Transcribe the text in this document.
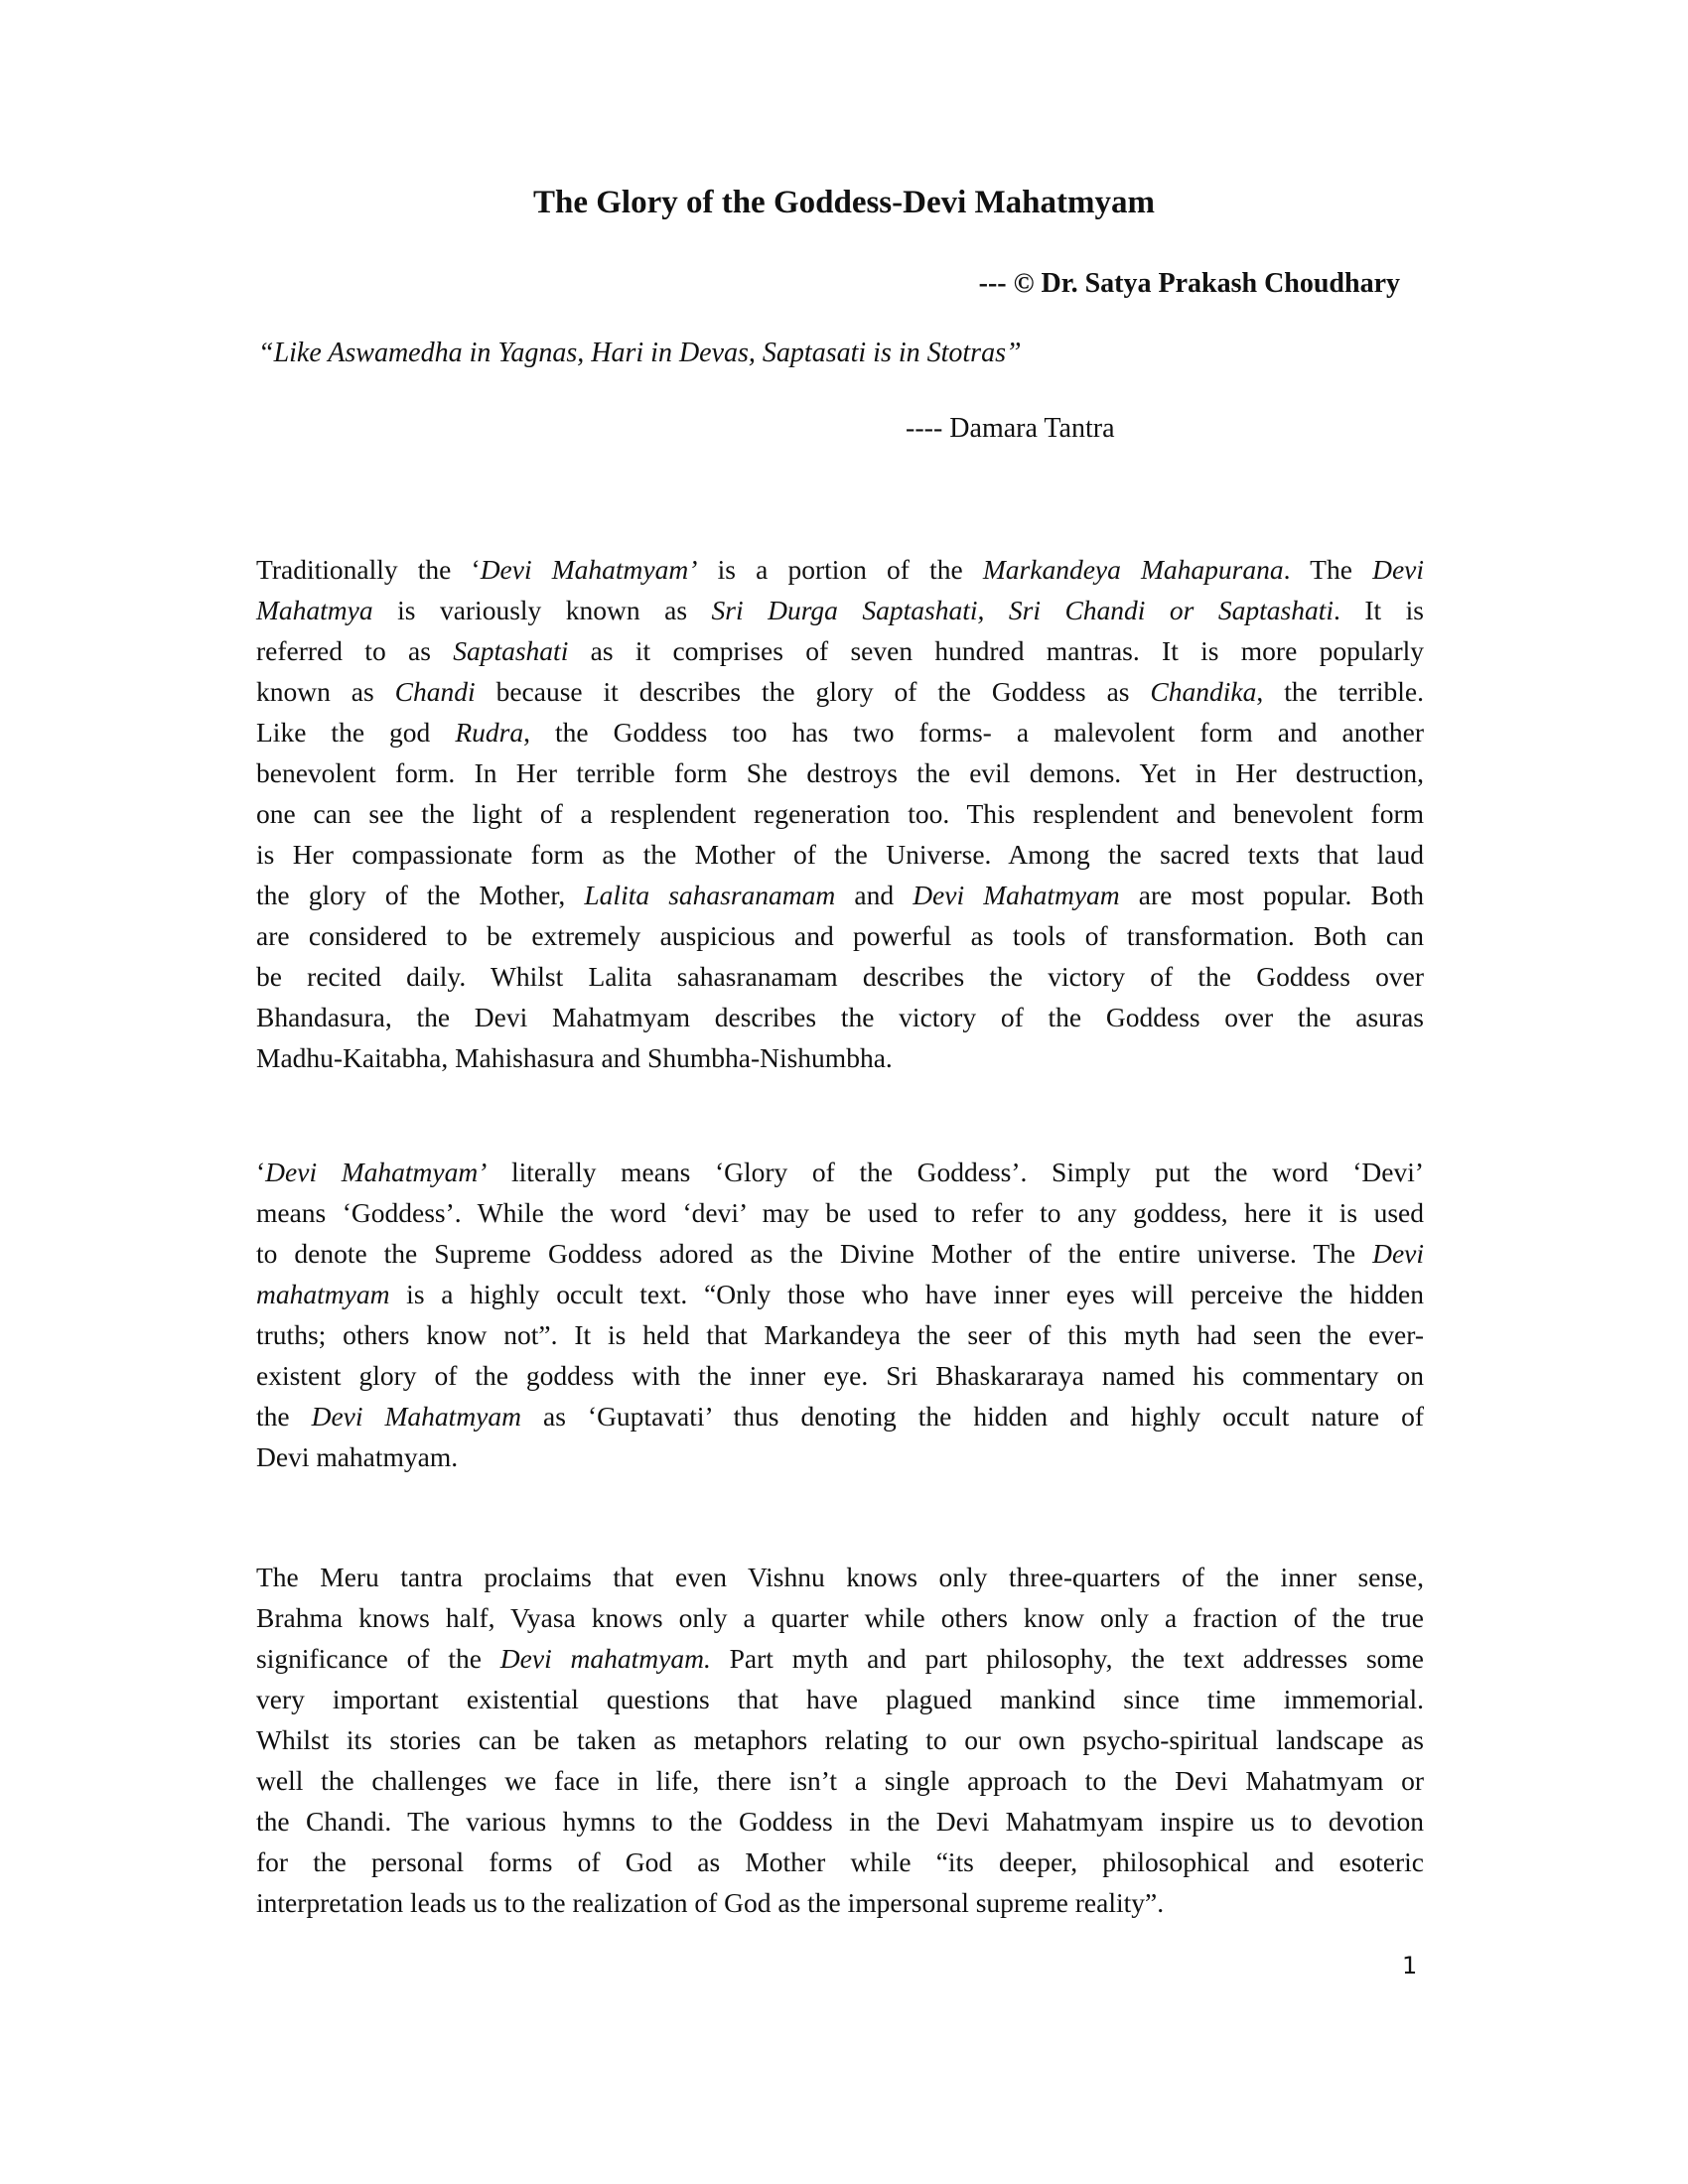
The Glory of the Goddess-Devi Mahatmyam
--- © Dr. Satya Prakash Choudhary
“Like Aswamedha in Yagnas, Hari in Devas, Saptasati is in Stotras”
---- Damara Tantra
Traditionally the ‘Devi Mahatmyam’ is a portion of the Markandeya Mahapurana. The Devi
Mahatmya is variously known as Sri Durga Saptashati, Sri Chandi or Saptashati. It is
referred to as Saptashati as it comprises of seven hundred mantras. It is more popularly
known as Chandi because it describes the glory of the Goddess as Chandika, the terrible.
Like the god Rudra, the Goddess too has two forms- a malevolent form and another
benevolent form. In Her terrible form She destroys the evil demons. Yet in Her destruction,
one can see the light of a resplendent regeneration too. This resplendent and benevolent form
is Her compassionate form as the Mother of the Universe. Among the sacred texts that laud
the glory of the Mother, Lalita sahasranamam and Devi Mahatmyam are most popular. Both
are considered to be extremely auspicious and powerful as tools of transformation. Both can
be recited daily. Whilst Lalita sahasranamam describes the victory of the Goddess over
Bhandasura, the Devi Mahatmyam describes the victory of the Goddess over the asuras
Madhu-Kaitabha, Mahishasura and Shumbha-Nishumbha.
‘Devi Mahatmyam’ literally means ‘Glory of the Goddess’. Simply put the word ‘Devi’
means ‘Goddess’. While the word ‘devi’ may be used to refer to any goddess, here it is used
to denote the Supreme Goddess adored as the Divine Mother of the entire universe. The Devi
mahatmyam is a highly occult text. “Only those who have inner eyes will perceive the hidden
truths; others know not”. It is held that Markandeya the seer of this myth had seen the ever-
existent glory of the goddess with the inner eye. Sri Bhaskararaya named his commentary on
the Devi Mahatmyam as ‘Guptavati’ thus denoting the hidden and highly occult nature of
Devi mahatmyam.
The Meru tantra proclaims that even Vishnu knows only three-quarters of the inner sense,
Brahma knows half, Vyasa knows only a quarter while others know only a fraction of the true
significance of the Devi mahatmyam. Part myth and part philosophy, the text addresses some
very important existential questions that have plagued mankind since time immemorial.
Whilst its stories can be taken as metaphors relating to our own psycho-spiritual landscape as
well the challenges we face in life, there isn’t a single approach to the Devi Mahatmyam or
the Chandi. The various hymns to the Goddess in the Devi Mahatmyam inspire us to devotion
for the personal forms of God as Mother while “its deeper, philosophical and esoteric
interpretation leads us to the realization of God as the impersonal supreme reality”.
1
